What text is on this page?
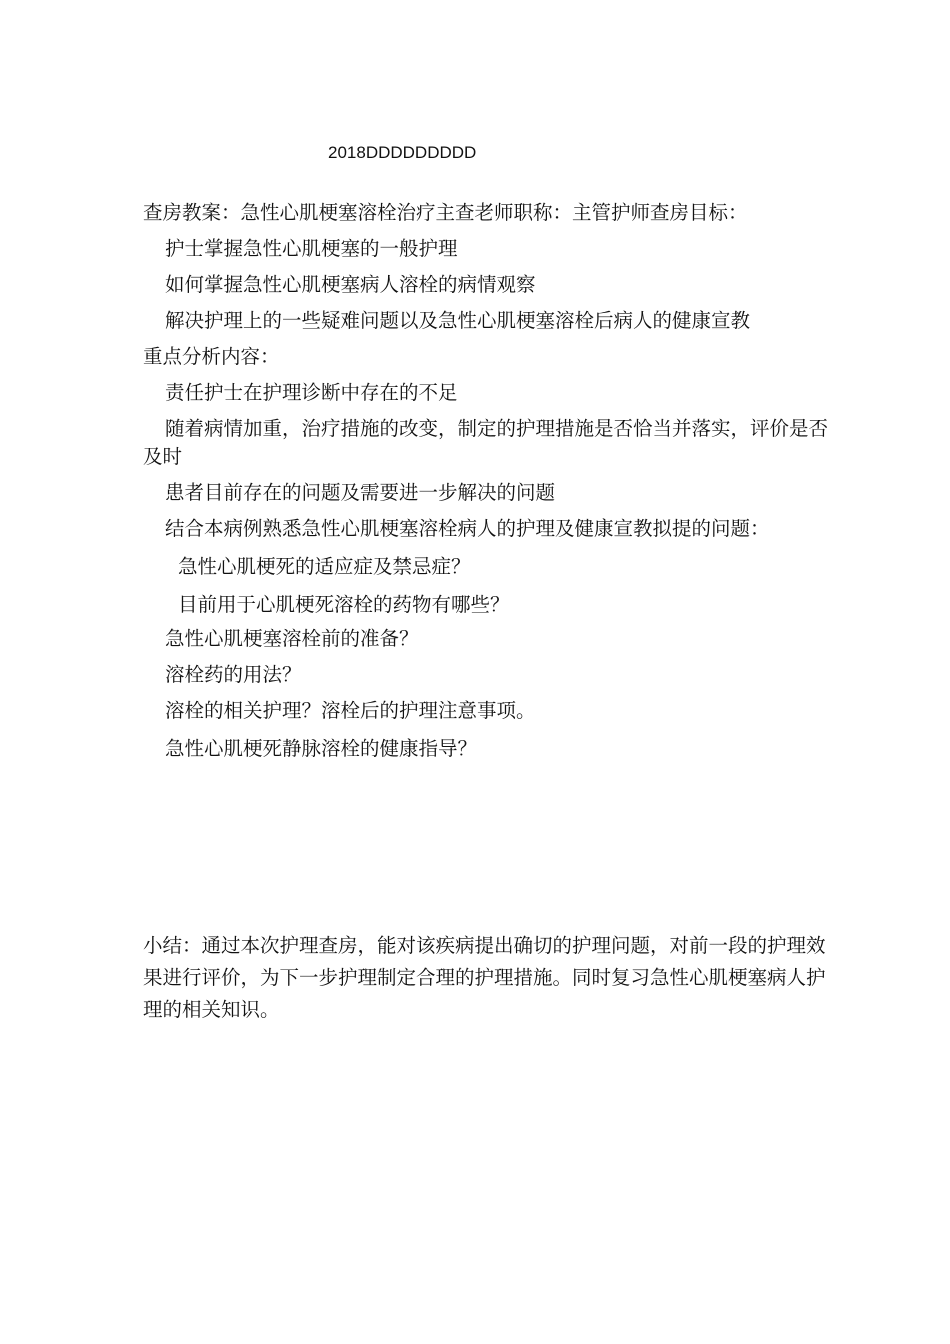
2018DDDDDDDDD

查房教案：急性心肌梗塞溶栓治疗主查老师职称：主管护师查房目标：

护士掌握急性心肌梗塞的一般护理

如何掌握急性心肌梗塞病人溶栓的病情观察

解决护理上的一些疑难问题以及急性心肌梗塞溶栓后病人的健康宣教

重点分析内容：

责任护士在护理诊断中存在的不足

随着病情加重，治疗措施的改变，制定的护理措施是否恰当并落实，评价是否及时

患者目前存在的问题及需要进一步解决的问题

结合本病例熟悉急性心肌梗塞溶栓病人的护理及健康宣教拟提的问题：

急性心肌梗死的适应症及禁忌症？

目前用于心肌梗死溶栓的药物有哪些？

急性心肌梗塞溶栓前的准备？

溶栓药的用法？

溶栓的相关护理？溶栓后的护理注意事项。

急性心肌梗死静脉溶栓的健康指导？

小结：通过本次护理查房，能对该疾病提出确切的护理问题，对前一段的护理效果进行评价，为下一步护理制定合理的护理措施。同时复习急性心肌梗塞病人护理的相关知识。
